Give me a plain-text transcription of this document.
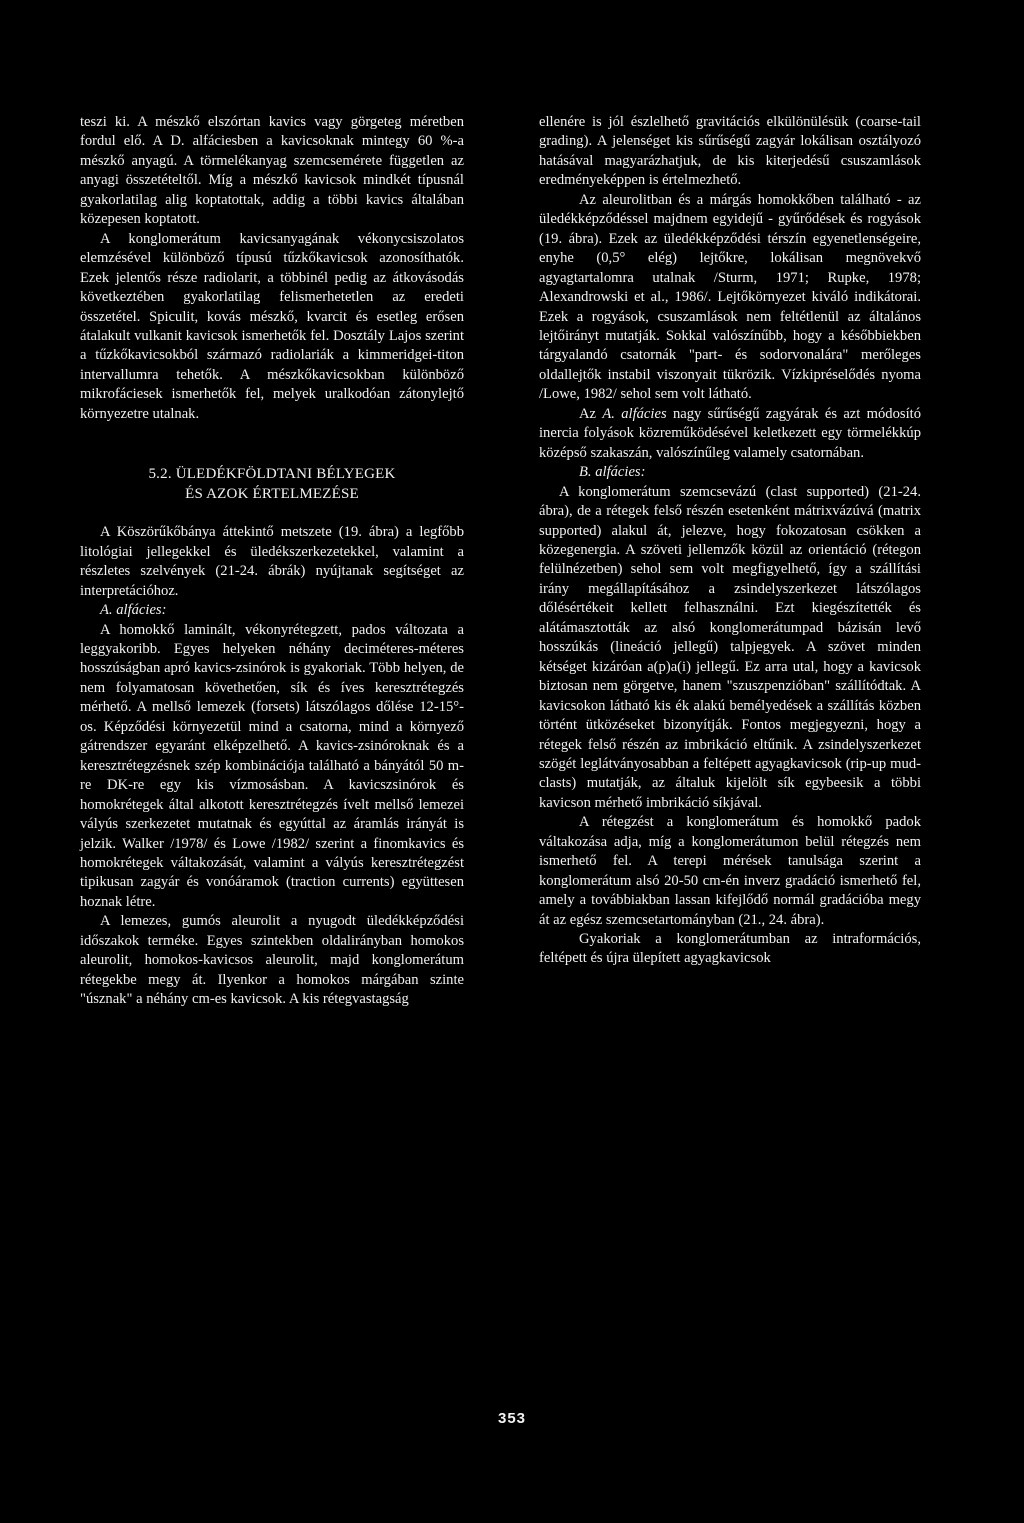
teszi ki. A mészkő elszórtan kavics vagy görgeteg méretben fordul elő. A D. alfáciesben a kavicsoknak mintegy 60 %-a mészkő anyagú. A törmelékanyag szemcsemérete független az anyagi összetételtől. Míg a mészkő kavicsok mindkét típusnál gyakorlatilag alig koptatottak, addig a többi kavics általában közepesen koptatott.

A konglomerátum kavicsanyagának vékonycsiszolatos elemzésével különböző típusú tűzkőkavicsok azonosíthatók. Ezek jelentős része radiolarit, a többinél pedig az átkovásodás következtében gyakorlatilag felismerhetetlen az eredeti összetétel. Spiculit, kovás mészkő, kvarcit és esetleg erősen átalakult vulkanit kavicsok ismerhetők fel. Dosztály Lajos szerint a tűzkőkavicsokból származó radiolariák a kimmeridgei-titon intervallumra tehetők. A mészkőkavicsokban különböző mikrofáciesek ismerhetők fel, melyek uralkodóan zátonylejtő környezetre utalnak.

5.2. ÜLEDÉKFÖLDTANI BÉLYEGEK
ÉS AZOK ÉRTELMEZÉSE

A Köszörűkőbánya áttekintő metszete (19. ábra) a legfőbb litológiai jellegekkel és üledékszerkezetekkel, valamint a részletes szelvények (21-24. ábrák) nyújtanak segítséget az interpretációhoz.

A. alfácies:

A homokkő laminált, vékonyrétegzett, pados változata a leggyakoribb. Egyes helyeken néhány deciméteres-méteres hosszúságban apró kavics-zsinórok is gyakoriak. Több helyen, de nem folyamatosan követhetően, sík és íves keresztrétegzés mérhető. A mellső lemezek (forsets) látszólagos dőlése 12-15°-os. Képződési környezetül mind a csatorna, mind a környező gátrendszer egyaránt elképzelhető. A kavics-zsinóroknak és a keresztrétegzésnek szép kombinációja található a bányától 50 m-re DK-re egy kis vízmosásban. A kavicszsinórok és homokrétegek által alkotott keresztrétegzés ívelt mellső lemezei vályús szerkezetet mutatnak és egyúttal az áramlás irányát is jelzik. Walker /1978/ és Lowe /1982/ szerint a finomkavics és homokrétegek váltakozását, valamint a vályús keresztrétegzést tipikusan zagyár és vonóáramok (traction currents) együttesen hoznak létre.

A lemezes, gumós aleurolit a nyugodt üledékképződési időszakok terméke. Egyes szintekben oldalirányban homokos aleurolit, homokos-kavicsos aleurolit, majd konglomerátum rétegekbe megy át. Ilyenkor a homokos márgában szinte "úsznak" a néhány cm-es kavicsok. A kis rétegvastagság

ellenére is jól észlelhető gravitációs elkülönülésük (coarse-tail grading). A jelenséget kis sűrűségű zagyár lokálisan osztályozó hatásával magyarázhatjuk, de kis kiterjedésű csuszamlások eredményeképpen is értelmezhető.

Az aleurolitban és a márgás homokkőben található - az üledékképződéssel majdnem egyidejű - gyűrődések és rogyások (19. ábra). Ezek az üledékképződési térszín egyenetlenségeire, enyhe (0,5° elég) lejtőkre, lokálisan megnövekvő agyagtartalomra utalnak /Sturm, 1971; Rupke, 1978; Alexandrowski et al., 1986/. Lejtőkörnyezet kiváló indikátorai. Ezek a rogyások, csuszamlások nem feltétlenül az általános lejtőirányt mutatják. Sokkal valószínűbb, hogy a későbbiekben tárgyalandó csatornák "part- és sodorvonalára" merőleges oldallejtők instabil viszonyait tükrözik. Vízkipréselődés nyoma /Lowe, 1982/ sehol sem volt látható.

Az A. alfácies nagy sűrűségű zagyárak és azt módosító inercia folyások közreműködésével keletkezett egy törmelékkúp középső szakaszán, valószínűleg valamely csatornában.

B. alfácies:

A konglomerátum szemcsevázú (clast supported) (21-24. ábra), de a rétegek felső részén esetenként mátrixvázúvá (matrix supported) alakul át, jelezve, hogy fokozatosan csökken a közegenergia. A szöveti jellemzők közül az orientáció (rétegon felülnézetben) sehol sem volt megfigyelhető, így a szállítási irány megállapításához a zsindelyszerkezet látszólagos dőlésértékeit kellett felhasználni. Ezt kiegészítették és alátámasztották az alsó konglomerátumpad bázisán levő hosszúkás (lineáció jellegű) talpjegyek. A szövet minden kétséget kizáróan a(p)a(i) jellegű. Ez arra utal, hogy a kavicsok biztosan nem görgetve, hanem "szuszpenzióban" szállítódtak. A kavicsokon látható kis ék alakú bemélyedések a szállítás közben történt ütközéseket bizonyítják. Fontos megjegyezni, hogy a rétegek felső részén az imbrikáció eltűnik. A zsindelyszerkezet szögét leglátványosabban a feltépett agyagkavicsok (rip-up mud-clasts) mutatják, az általuk kijelölt sík egybeesik a többi kavicson mérhető imbrikáció síkjával.

A rétegzést a konglomerátum és homokkő padok váltakozása adja, míg a konglomerátumon belül rétegzés nem ismerhető fel. A terepi mérések tanulsága szerint a konglomerátum alsó 20-50 cm-én inverz gradáció ismerhető fel, amely a továbbiakban lassan kifejlődő normál gradációba megy át az egész szemcsetartományban (21., 24. ábra).

Gyakoriak a konglomerátumban az intraformációs, feltépett és újra ülepített agyagkavicsok

353
